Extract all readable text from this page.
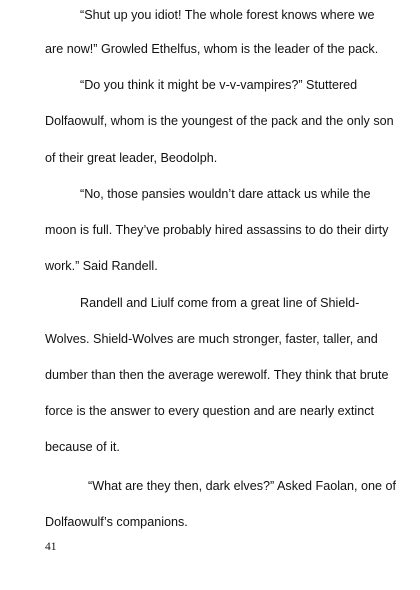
“Shut up you idiot! The whole forest knows where we
are now!” Growled Ethelfus, whom is the leader of the pack.
“Do you think it might be v-v-vampires?” Stuttered
Dolfaowulf, whom is the youngest of the pack and the only son
of their great leader, Beodolph.
“No, those pansies wouldn’t dare attack us while the
moon is full. They’ve probably hired assassins to do their dirty
work.” Said Randell.
Randell and Liulf come from a great line of Shield-
Wolves. Shield-Wolves are much stronger, faster, taller, and
dumber than then the average werewolf. They think that brute
force is the answer to every question and are nearly extinct
because of it.
“What are they then, dark elves?” Asked Faolan, one of
Dolfaowulf’s companions.
41
